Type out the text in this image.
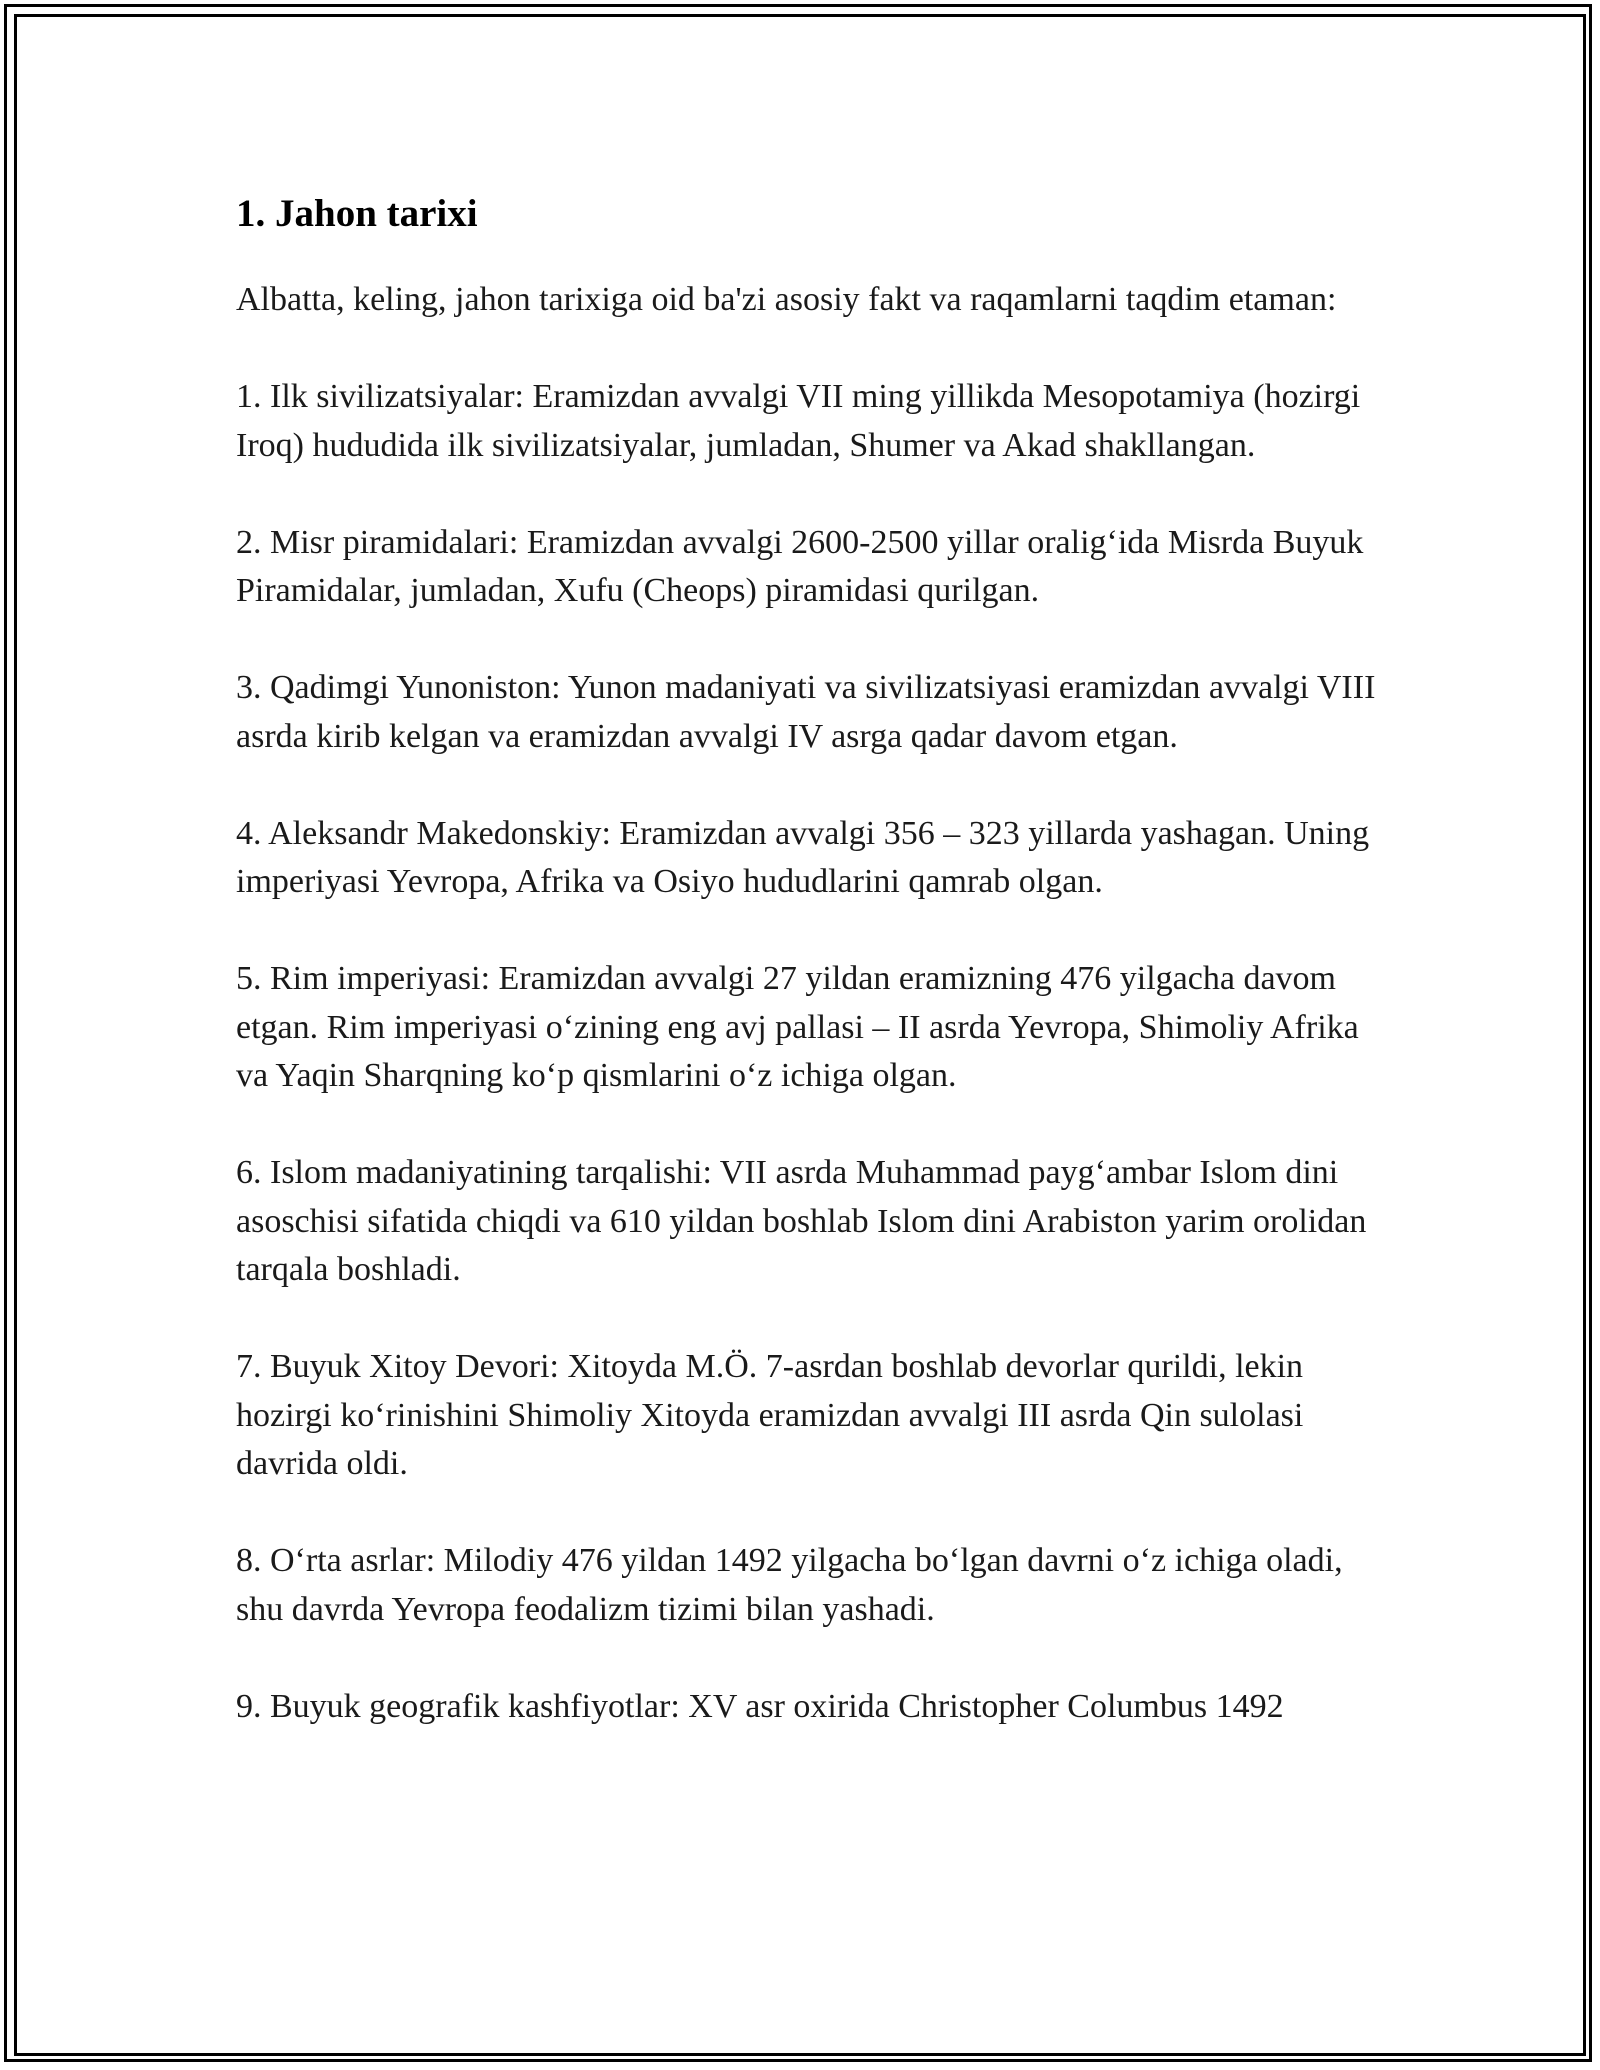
1. Jahon tarixi

Albatta, keling, jahon tarixiga oid ba'zi asosiy fakt va raqamlarni taqdim etaman:

1. Ilk sivilizatsiyalar: Eramizdan avvalgi VII ming yillikda Mesopotamiya (hozirgi Iroq) hududida ilk sivilizatsiyalar, jumladan, Shumer va Akad shakllangan.

2. Misr piramidalari: Eramizdan avvalgi 2600-2500 yillar oralig‘ida Misrda Buyuk Piramidalar, jumladan, Xufu (Cheops) piramidasi qurilgan.

3. Qadimgi Yunoniston: Yunon madaniyati va sivilizatsiyasi eramizdan avvalgi VIII asrda kirib kelgan va eramizdan avvalgi IV asrga qadar davom etgan.

4. Aleksandr Makedonskiy: Eramizdan avvalgi 356 – 323 yillarda yashagan. Uning imperiyasi Yevropa, Afrika va Osiyo hududlarini qamrab olgan.

5. Rim imperiyasi: Eramizdan avvalgi 27 yildan eramizning 476 yilgacha davom etgan. Rim imperiyasi o‘zining eng avj pallasi – II asrda Yevropa, Shimoliy Afrika va Yaqin Sharqning ko‘p qismlarini o‘z ichiga olgan.

6. Islom madaniyatining tarqalishi: VII asrda Muhammad payg‘ambar Islom dini asoschisi sifatida chiqdi va 610 yildan boshlab Islom dini Arabiston yarim orolidan tarqala boshladi.

7. Buyuk Xitoy Devori: Xitoyda M.Ö. 7-asrdan boshlab devorlar qurildi, lekin hozirgi ko‘rinishini Shimoliy Xitoyda eramizdan avvalgi III asrda Qin sulolasi davrida oldi.

8. O‘rta asrlar: Milodiy 476 yildan 1492 yilgacha bo‘lgan davrni o‘z ichiga oladi, shu davrda Yevropa feodalizm tizimi bilan yashadi.

9. Buyuk geografik kashfiyotlar: XV asr oxirida Christopher Columbus 1492
